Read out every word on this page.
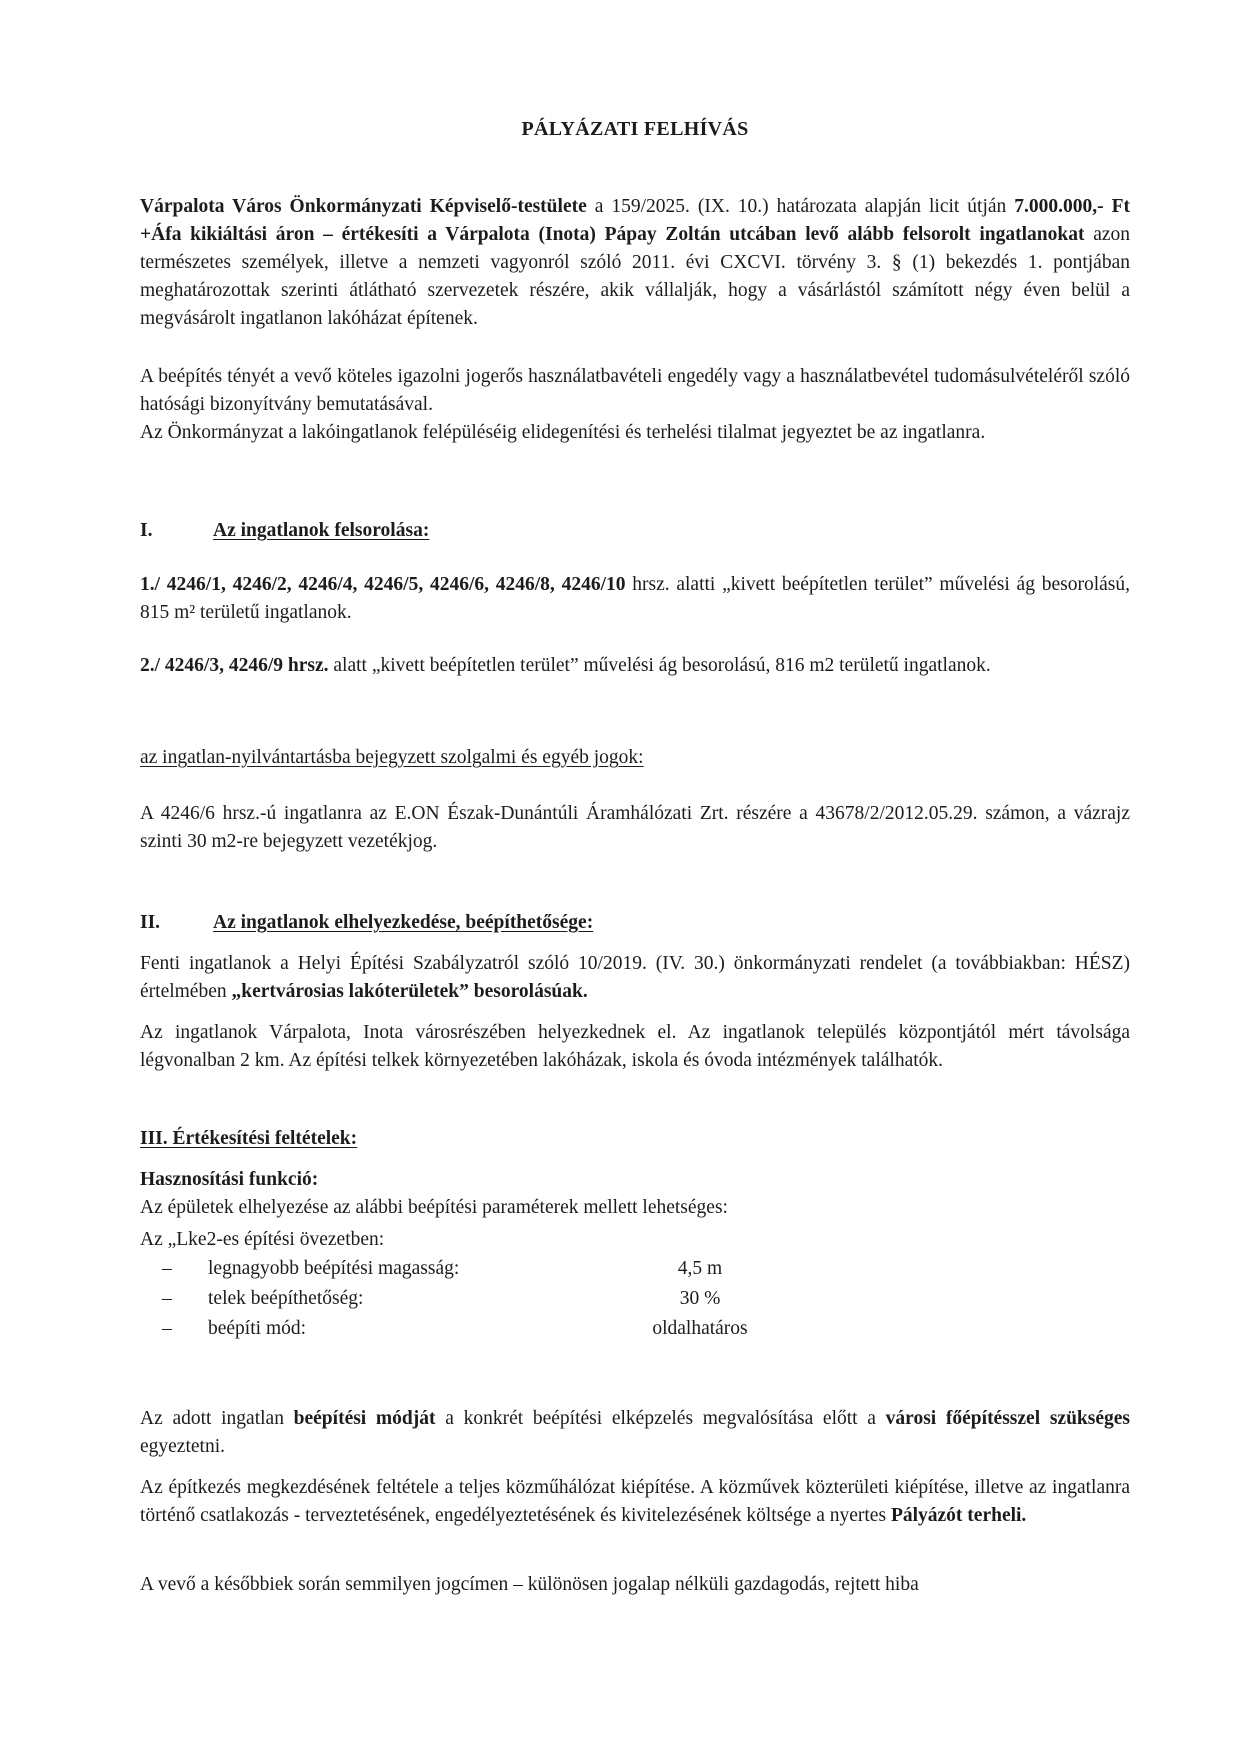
PÁLYÁZATI FELHÍVÁS

Várpalota Város Önkormányzati Képviselő-testülete a 159/2025. (IX. 10.) határozata alapján licit útján 7.000.000,- Ft +Áfa kikiáltási áron – értékesíti a Várpalota (Inota) Pápay Zoltán utcában levő alább felsorolt ingatlanokat azon természetes személyek, illetve a nemzeti vagyonról szóló 2011. évi CXCVI. törvény 3. § (1) bekezdés 1. pontjában meghatározottak szerinti átlátható szervezetek részére, akik vállalják, hogy a vásárlástól számított négy éven belül a megvásárolt ingatlanon lakóházat építenek.

A beépítés tényét a vevő köteles igazolni jogerős használatbavételi engedély vagy a használatbevétel tudomásulvételéről szóló hatósági bizonyítvány bemutatásával.

Az Önkormányzat a lakóingatlanok felépüléséig elidegenítési és terhelési tilalmat jegyeztet be az ingatlanra.

I.	Az ingatlanok felsorolása:

1./ 4246/1, 4246/2, 4246/4, 4246/5, 4246/6, 4246/8, 4246/10 hrsz. alatti „kivett beépítetlen terület” művelési ág besorolású, 815 m² területű ingatlanok.

2./ 4246/3, 4246/9 hrsz. alatt „kivett beépítetlen terület” művelési ág besorolású, 816 m2 területű ingatlanok.

az ingatlan-nyilvántartásba bejegyzett szolgalmi és egyéb jogok:

A 4246/6 hrsz.-ú ingatlanra az E.ON Észak-Dunántúli Áramhálózati Zrt. részére a 43678/2/2012.05.29. számon, a vázrajz szinti 30 m2-re bejegyzett vezetékjog.

II.	Az ingatlanok elhelyezkedése, beépíthetősége:

Fenti ingatlanok a Helyi Építési Szabályzatról szóló 10/2019. (IV. 30.) önkormányzati rendelet (a továbbiakban: HÉSZ) értelmében „kertvárosias lakóterületek” besorolásúak.

Az ingatlanok Várpalota, Inota városrészében helyezkednek el. Az ingatlanok település központjától mért távolsága légvonalban 2 km. Az építési telkek környezetében lakóházak, iskola és óvoda intézmények találhatók.

III. Értékesítési feltételek:

Hasznosítási funkció:

Az épületek elhelyezése az alábbi beépítési paraméterek mellett lehetséges:

Az „Lke2-es építési övezetben:

– legnagyobb beépítési magasság:	4,5 m
– telek beépíthetőség:	30 %
– beépíti mód:	oldalhatáros

Az adott ingatlan beépítési módját a konkrét beépítési elképzelés megvalósítása előtt a városi főépítésszel szükséges egyeztetni.

Az építkezés megkezdésének feltétele a teljes közműhálózat kiépítése. A közművek közterületi kiépítése, illetve az ingatlanra történő csatlakozás - terveztetésének, engedélyeztetésének és kivitelezésének költsége a nyertes Pályázót terheli.

A vevő a későbbiek során semmilyen jogcímen – különösen jogalap nélküli gazdagodás, rejtett hiba
